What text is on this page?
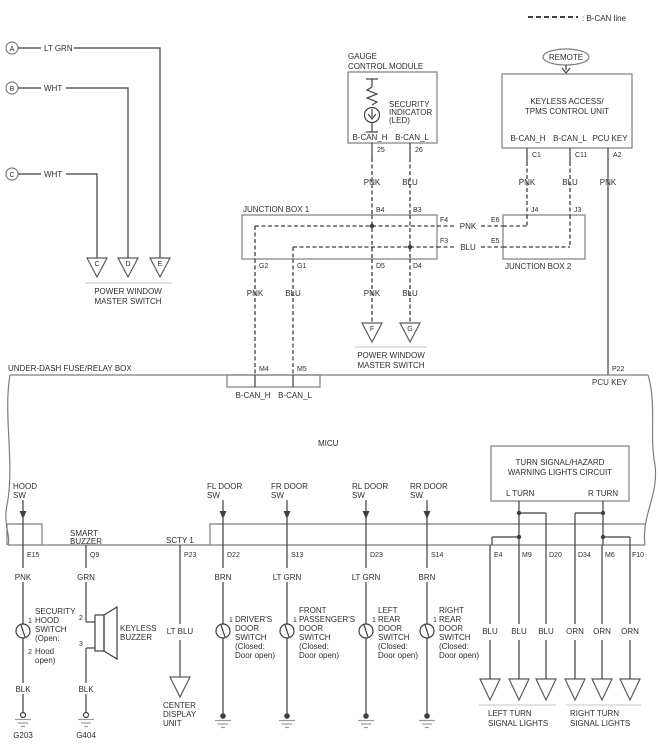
: B-CAN line
A	LT GRN
B	WHT
C	WHT
C	D	E
POWER WINDOW
MASTER SWITCH
GAUGE
CONTROL MODULE
SECURITY
INDICATOR
(LED)
B-CAN_H B-CAN_L
25	26
PNK	BLU
REMOTE
KEYLESS ACCESS/
TPMS CONTROL UNIT
B-CAN_H B-CAN_L PCU KEY
C1	C11	A2
PNK	BLU	PNK
JUNCTION BOX 1	B4	B3
F4
F3
G2	G1	D5	D4
PNK
BLU
JUNCTION BOX 2
J4	J3
E6
E5
PNK	BLU	PNK	BLU
F	G
POWER WINDOW
MASTER SWITCH
M4	M5
UNDER-DASH FUSE/RELAY BOX
B-CAN_H B-CAN_L
P22
PCU KEY
MICU
HOOD
SW
FL DOOR
SW
FR DOOR
SW
RL DOOR
SW
RR DOOR
SW
SMART
BUZZER	SCTY 1
TURN SIGNAL/HAZARD
WARNING LIGHTS CIRCUIT
L TURN	R TURN
E15	Q9	P23	D22	S13	D23	S14	E4	M9 D20 D34 M6 F10
PNK
1
2
SECURITY
HOOD
SWITCH
(Open:
Hood
open)
BLK
G203
GRN
2
3
KEYLESS
BUZZER
BLK
G404
LT BLU
CENTER
DISPLAY
UNIT
BRN
1 DRIVER'S
DOOR
SWITCH
(Closed:
Door open)
LT GRN
1
FRONT
PASSENGER'S
DOOR
SWITCH
(Closed:
Door open)
LT GRN
1
LEFT
REAR
DOOR
SWITCH
(Closed:
Door open)
BRN
1
RIGHT
REAR
DOOR
SWITCH
(Closed:
Door open)
BLU BLU BLU
LEFT TURN
SIGNAL LIGHTS
ORN ORN ORN
RIGHT TURN
SIGNAL LIGHTS
